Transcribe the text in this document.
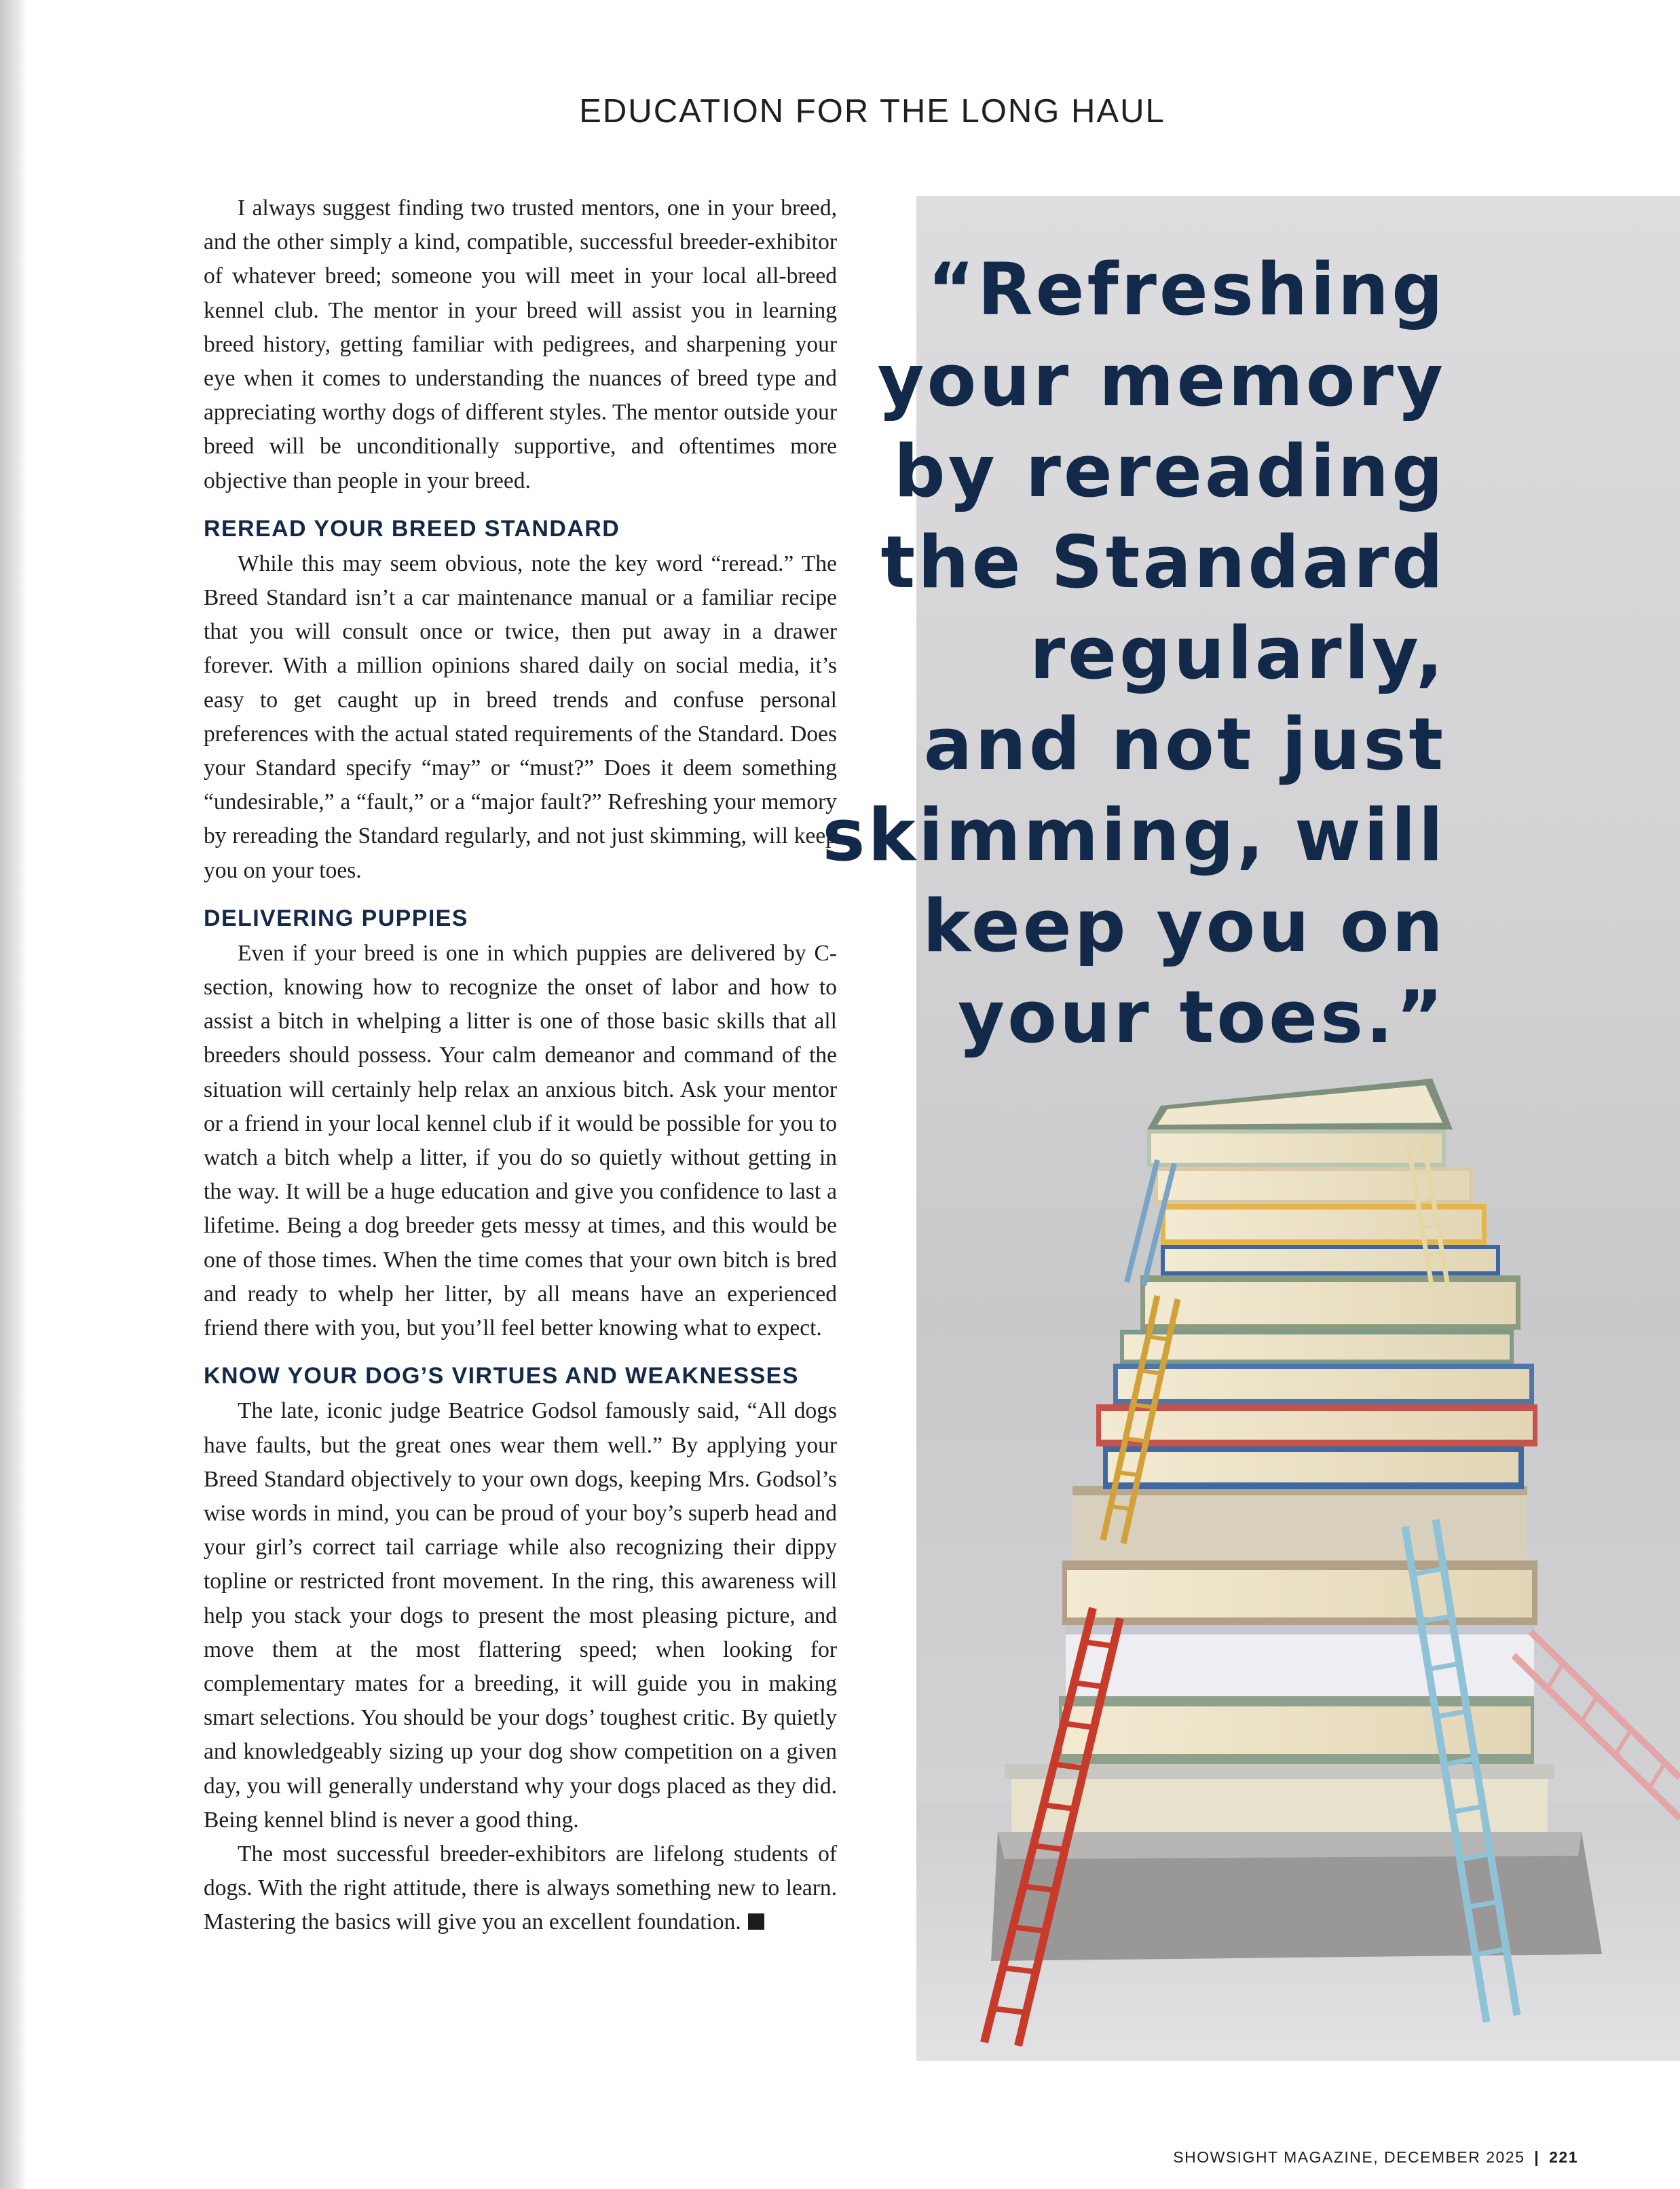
EDUCATION FOR THE LONG HAUL

I always suggest finding two trusted mentors, one in your breed, and the other simply a kind, compatible, successful breeder-exhibitor of whatever breed; someone you will meet in your local all-breed kennel club. The mentor in your breed will assist you in learning breed history, getting familiar with pedigrees, and sharpening your eye when it comes to understanding the nuances of breed type and appreciating worthy dogs of different styles. The mentor outside your breed will be unconditionally supportive, and oftentimes more objective than people in your breed.

REREAD YOUR BREED STANDARD

While this may seem obvious, note the key word “reread.” The Breed Standard isn’t a car maintenance manual or a familiar recipe that you will consult once or twice, then put away in a drawer forever. With a million opinions shared daily on social media, it’s easy to get caught up in breed trends and confuse personal preferences with the actual stated requirements of the Standard. Does your Standard specify “may” or “must?” Does it deem something “undesirable,” a “fault,” or a “major fault?” Refreshing your memory by rereading the Standard regularly, and not just skimming, will keep you on your toes.

DELIVERING PUPPIES

Even if your breed is one in which puppies are delivered by C-section, knowing how to recognize the onset of labor and how to assist a bitch in whelping a litter is one of those basic skills that all breeders should possess. Your calm demeanor and command of the situation will certainly help relax an anxious bitch. Ask your mentor or a friend in your local kennel club if it would be possible for you to watch a bitch whelp a litter, if you do so quietly without getting in the way. It will be a huge education and give you confidence to last a lifetime. Being a dog breeder gets messy at times, and this would be one of those times. When the time comes that your own bitch is bred and ready to whelp her litter, by all means have an experienced friend there with you, but you’ll feel better knowing what to expect.

KNOW YOUR DOG’S VIRTUES AND WEAKNESSES

The late, iconic judge Beatrice Godsol famously said, “All dogs have faults, but the great ones wear them well.” By applying your Breed Standard objectively to your own dogs, keeping Mrs. Godsol’s wise words in mind, you can be proud of your boy’s superb head and your girl’s correct tail carriage while also recognizing their dippy topline or restricted front movement. In the ring, this awareness will help you stack your dogs to present the most pleasing picture, and move them at the most flattering speed; when looking for complementary mates for a breeding, it will guide you in making smart selections. You should be your dogs’ toughest critic. By quietly and knowledgeably sizing up your dog show competition on a given day, you will generally understand why your dogs placed as they did. Being kennel blind is never a good thing.

The most successful breeder-exhibitors are lifelong students of dogs. With the right attitude, there is always something new to learn. Mastering the basics will give you an excellent foundation.

“Refreshing
your memory
by rereading
the Standard
regularly,
and not just
skimming, will
keep you on
your toes.”
SHOWSIGHT MAGAZINE, DECEMBER 2025 | 221
